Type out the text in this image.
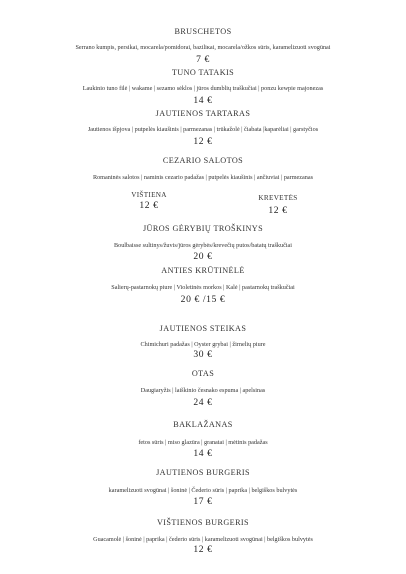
BRUSCHETOS
Serrano kumpis, persikai, mocarela/pomidorai, baziliкai, mocarela/ožkos sūris, karamelizuoti svogūnai
7 €
TUNO TATAKIS
Laukinio tuno filė | wakame | sezamo sėklos | jūros dumblių traškučiai | ponzu kewpie majonezas
14 €
JAUTIENOS TARTARAS
Jautienos išpjova | putpelės kiaušinis | parmezanas | trūkažolė | čiabata |kaparėliai | garstyčios
12 €
CEZARIO SALOTOS
Romaninės salotos | naminis cezario padažas | putpelės kiaušinis | ančiuviai | parmezanas
VIŠTIENA
12 €
KREVETĖS
12 €
JŪROS GĖRYBIŲ TROŠKINYS
Boulbaisse sultinys/žuvis/jūros gėrybės/krevečių putos/batatų traškučiai
20 €
ANTIES KRŪTINĖLĖ
Salierų-pastarnokų piure | Violetinės morkos | Kalė | pastarnokų traškučiai
20 € /15 €
JAUTIENOS STEIKAS
Chimichuri padažas | Oyster grybai | žirnelių piure
30 €
OTAS
Daugiaryžis | laiškinio česnako espuma | apelsinas
24 €
BAKLAŽANAS
fetos sūris | miso glazūra | granatai | mėtinis padažas
14 €
JAUTIENOS BURGERIS
karamelizuoti svogūnai | šoninė | Čederio sūris | paprika | belgiškos bulvytės
17 €
VIŠTIENOS BURGERIS
Guacamolė | šoninė | paprika | čederio sūris | karamelizuoti svogūnai | belgiškos bulvytės
12 €
